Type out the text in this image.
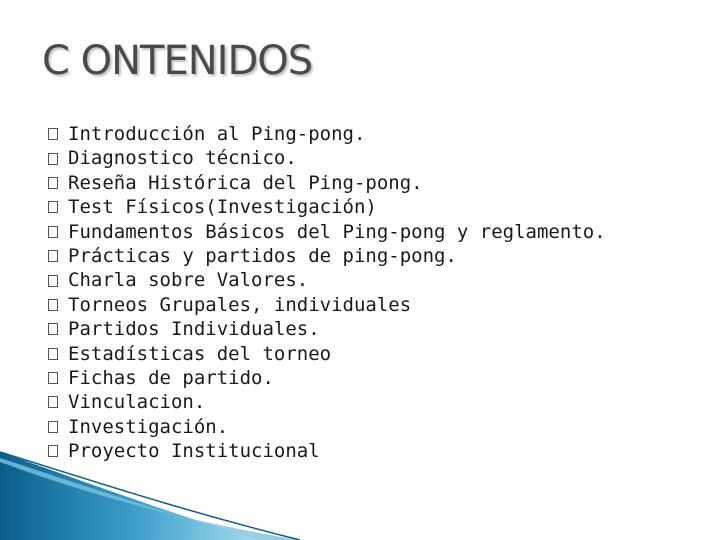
C ONTENIDOS
Introducción al Ping-pong.
Diagnostico técnico.
Reseña Histórica del Ping-pong.
Test Físicos(Investigación)
Fundamentos Básicos del Ping-pong y reglamento.
Prácticas y partidos de ping-pong.
Charla sobre Valores.
Torneos Grupales, individuales
Partidos Individuales.
Estadísticas del torneo
Fichas de partido.
Vinculacion.
Investigación.
Proyecto Institucional
